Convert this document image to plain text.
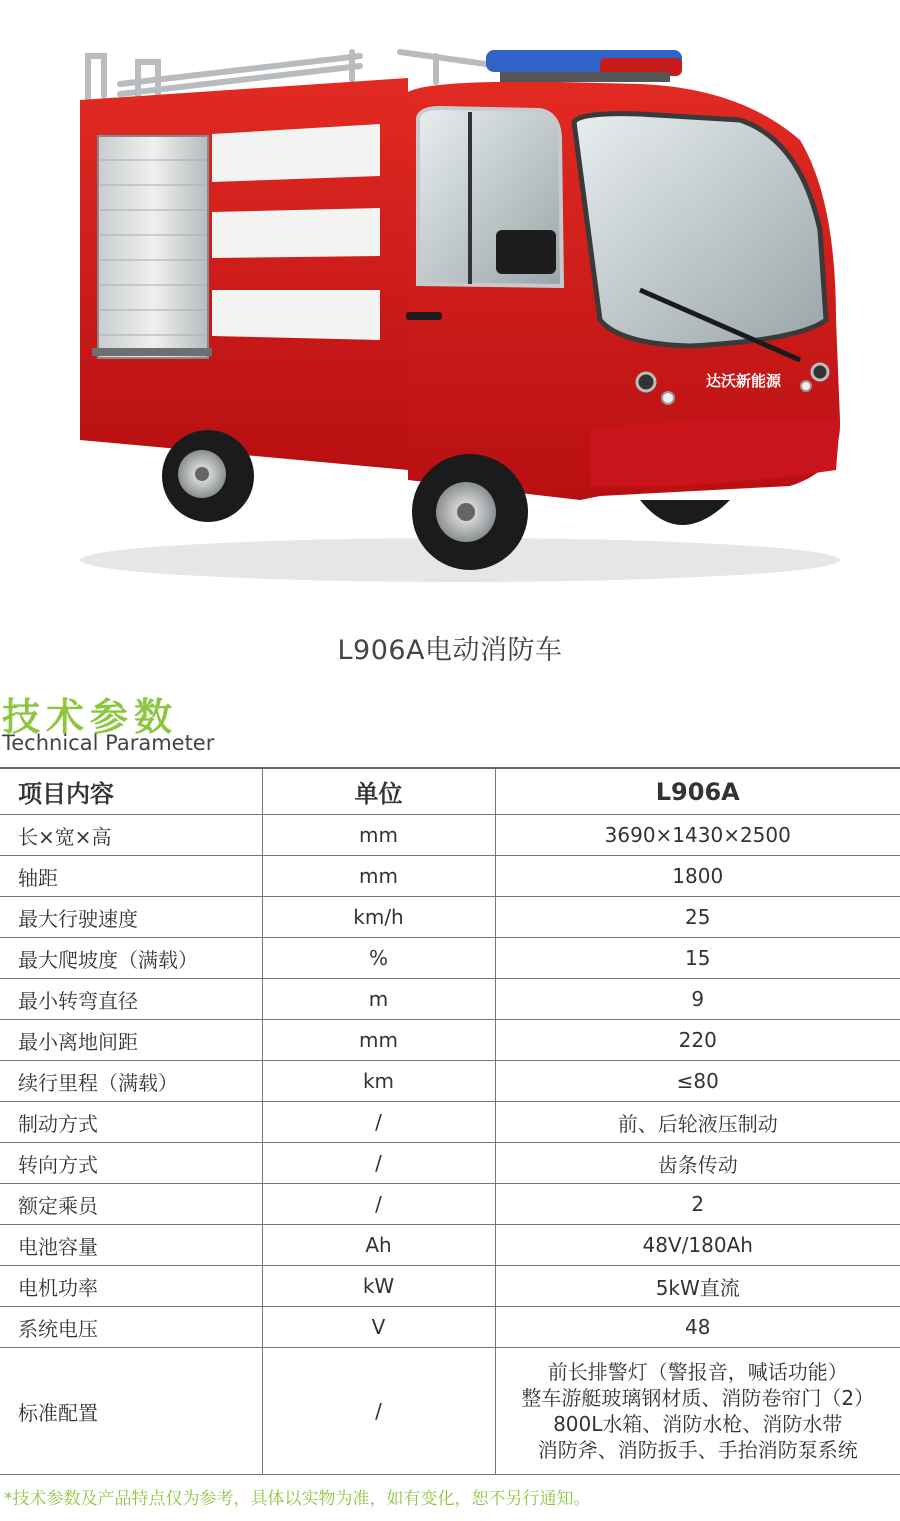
达沃新能源
L906A电动消防车
技术参数
Technical Parameter
项目内容	单位	L906A
长×宽×高	mm	3690×1430×2500
轴距	mm	1800
最大行驶速度	km/h	25
最大爬坡度（满载）	%	15
最小转弯直径	m	9
最小离地间距	mm	220
续行里程（满载）	km	≤80
制动方式	/	前、后轮液压制动
转向方式	/	齿条传动
额定乘员	/	2
电池容量	Ah	48V/180Ah
电机功率	kW	5kW直流
系统电压	V	48
标准配置	/	前长排警灯（警报音，喊话功能）
整车游艇玻璃钢材质、消防卷帘门（2）
800L水箱、消防水枪、消防水带
消防斧、消防扳手、手抬消防泵系统
*技术参数及产品特点仅为参考，具体以实物为准，如有变化，恕不另行通知。
